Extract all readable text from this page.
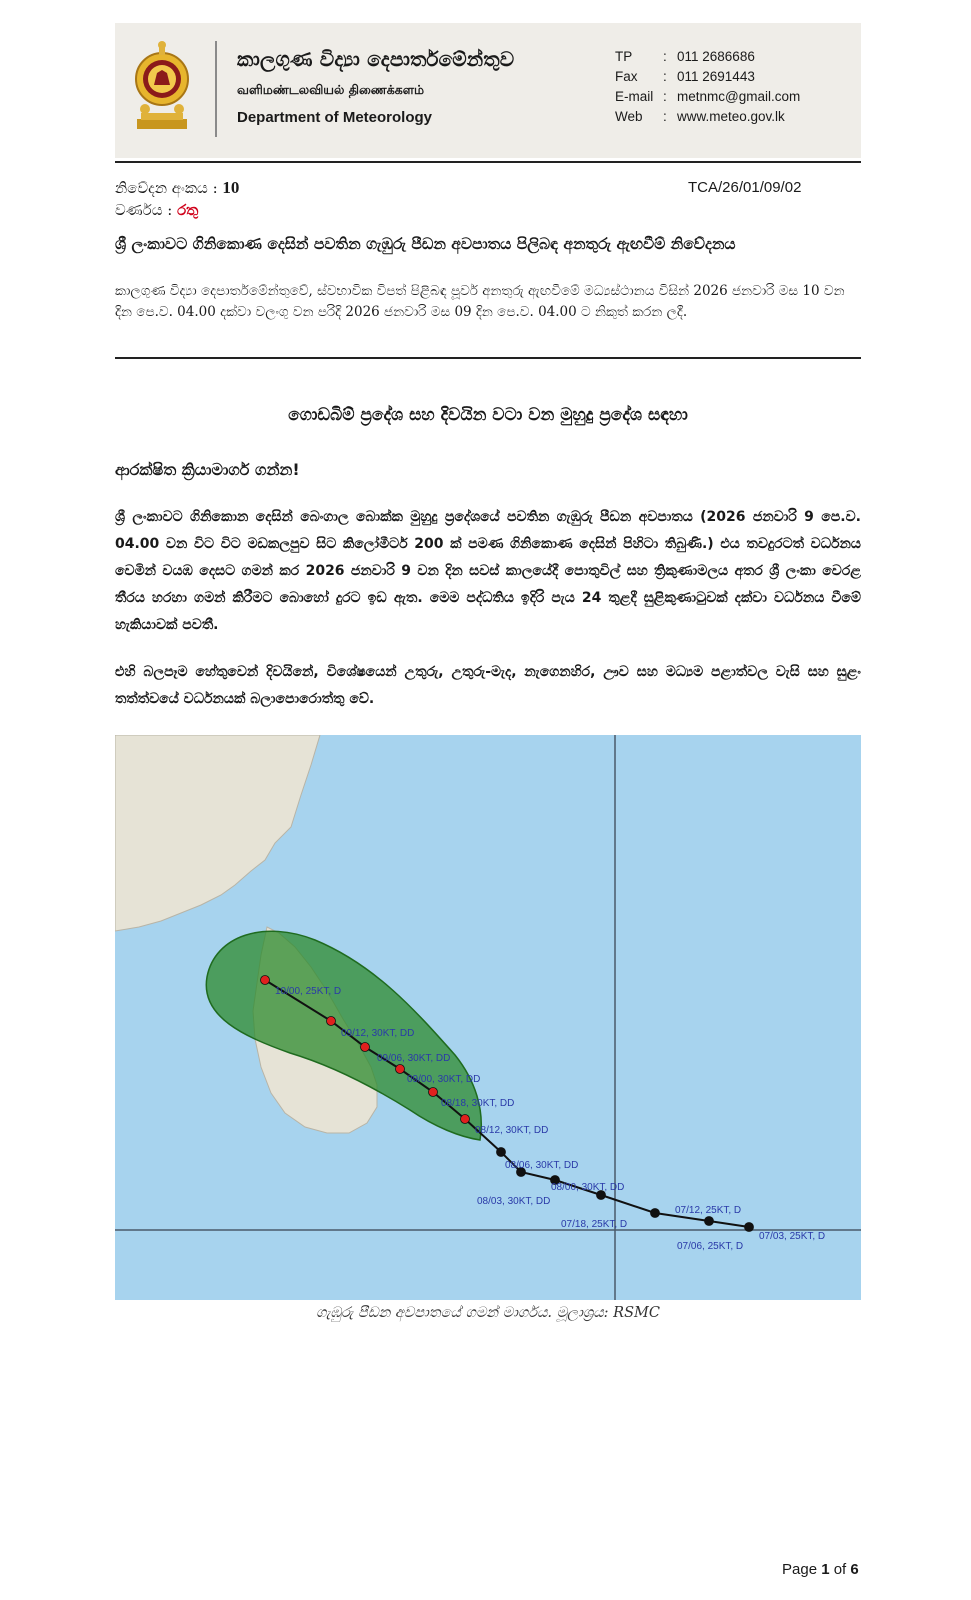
කාලගුණ විද්‍යා දෙපාර්තමේන්තුව
வளிமண்டலவியல் திணைக்களம்
Department of Meteorology
TP	: 011 2686686
Fax	: 011 2691443
E-mail : metnmc@gmail.com
Web	: www.meteo.gov.lk
නිවේදන අංකය : 10
වර්ණය : රතු
TCA/26/01/09/02
ශ්‍රී ලංකාවට ගිනිකොණ දෙසින් පවතින ගැඹුරු පීඩන අවපාතය පිලිබඳ අනතුරු ඇඟවීම් නිවේදනය
කාලගුණ විද්‍යා දෙපාර්තමේන්තුවේ, ස්වභාවික විපත් පිළිබඳ පූර්ව අනතුරු ඇඟවීමේ මධ්‍යස්ථානය විසින් 2026 ජනවාරි මස 10 වන දින පෙ.ව. 04.00 දක්වා වලංගු වන පරිදි 2026 ජනවාරි මස 09 දින පෙ.ව. 04.00 ට නිකුත් කරන ලදී.
ගොඩබිම් ප්‍රදේශ සහ දිවයින වටා වන මුහුදු ප්‍රදේශ සඳහා
ආරක්ෂිත ක්‍රියාමාර්ග ගන්න!
ශ්‍රී ලංකාවට ගිනිකොන දෙසින් බෙංගාල බොක්ක මුහුදු ප්‍රදේශයේ පවතින ගැඹුරු පීඩන අවපාතය (2026 ජනවාරි 9 පෙ.ව. 04.00 වන විට විට මඩකලපුව සිට කිලෝමීටර් 200 ක් පමණ ගිනිකොණ දෙසින් පිහිටා තිබුණි.) එය තවදුරටත් වර්ධනය වෙමින් වයඹ දෙසට ගමන් කර 2026 ජනවාරි 9 වන දින සවස් කාලයේදී පොතුවිල් සහ ත්‍රිකුණාමලය අතර ශ්‍රී ලංකා වෙරළ තීරය හරහා ගමන් කිරීමට බොහෝ දුරට ඉඩ ඇත. මෙම පද්ධතිය ඉදිරි පැය 24 තුළදී සුළිකුණාටුවක් දක්වා වර්ධනය වීමේ හැකියාවක් පවතී.
එහි බලපෑම හේතුවෙන් දිවයිනේ, විශේෂයෙන් උතුරු, උතුරු-මැද, නැගෙනහිර, ඌව සහ මධ්‍යම පළාත්වල වැසි සහ සුළං තත්ත්වයේ වර්ධනයක් බලාපොරොත්තු වේ.
10/00, 25KT, D
09/12, 30KT, DD
09/06, 30KT, DD
09/00, 30KT, DD
08/18, 30KT, DD
08/12, 30KT, DD
08/06, 30KT, DD
08/03, 30KT, DD
08/00, 30KT, DD
07/18, 25KT, D
07/12, 25KT, D
07/06, 25KT, D
07/03, 25KT, D
ගැඹුරු පීඩන අවපාතයේ ගමන් මාර්ගය. මූලාශ්‍රය: RSMC
Page 1 of 6
